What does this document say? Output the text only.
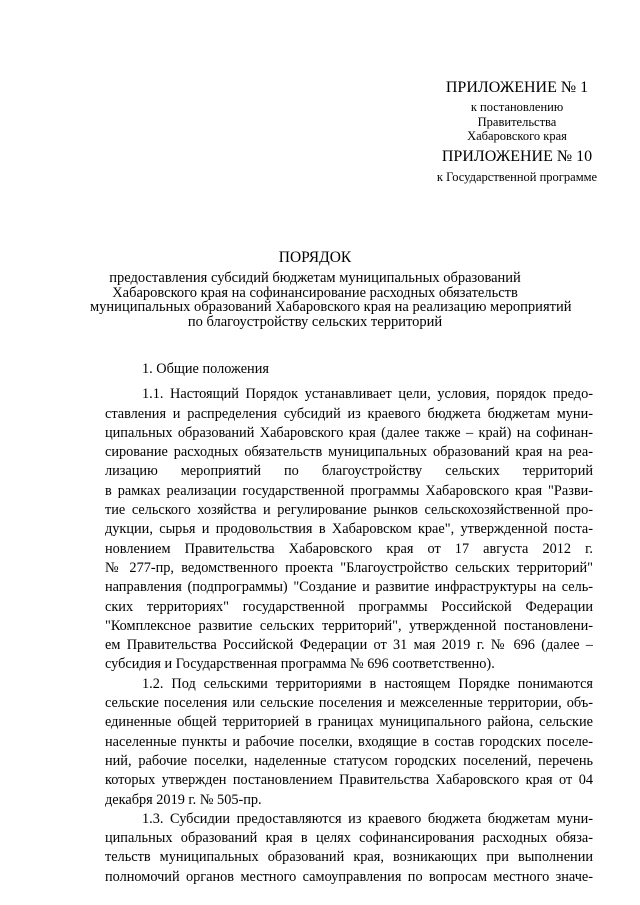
ПРИЛОЖЕНИЕ № 1
к постановлению
Правительства
Хабаровского края
ПРИЛОЖЕНИЕ № 10
к Государственной программе
ПОРЯДОК
предоставления субсидий бюджетам муниципальных образований
Хабаровского края на софинансирование расходных обязательств
муниципальных образований Хабаровского края на реализацию мероприятий
по благоустройству сельских территорий
1. Общие положения
1.1. Настоящий Порядок устанавливает цели, условия, порядок предо-
ставления и распределения субсидий из краевого бюджета бюджетам муни-
ципальных образований Хабаровского края (далее также – край) на софинан-
сирование расходных обязательств муниципальных образований края на реа-
лизацию мероприятий по благоустройству сельских территорий
в рамках реализации государственной программы Хабаровского края "Разви-
тие сельского хозяйства и регулирование рынков сельскохозяйственной про-
дукции, сырья и продовольствия в Хабаровском крае", утвержденной поста-
новлением Правительства Хабаровского края от 17 августа 2012 г.
№ 277-пр, ведомственного проекта "Благоустройство сельских территорий"
направления (подпрограммы) "Создание и развитие инфраструктуры на сель-
ских территориях" государственной программы Российской Федерации
"Комплексное развитие сельских территорий", утвержденной постановлени-
ем Правительства Российской Федерации от 31 мая 2019 г. № 696 (далее –
субсидия и Государственная программа № 696 соответственно).
1.2. Под сельскими территориями в настоящем Порядке понимаются
сельские поселения или сельские поселения и межселенные территории, объ-
единенные общей территорией в границах муниципального района, сельские
населенные пункты и рабочие поселки, входящие в состав городских поселе-
ний, рабочие поселки, наделенные статусом городских поселений, перечень
которых утвержден постановлением Правительства Хабаровского края от 04
декабря 2019 г. № 505-пр.
1.3. Субсидии предоставляются из краевого бюджета бюджетам муни-
ципальных образований края в целях софинансирования расходных обяза-
тельств муниципальных образований края, возникающих при выполнении
полномочий органов местного самоуправления по вопросам местного значе-
